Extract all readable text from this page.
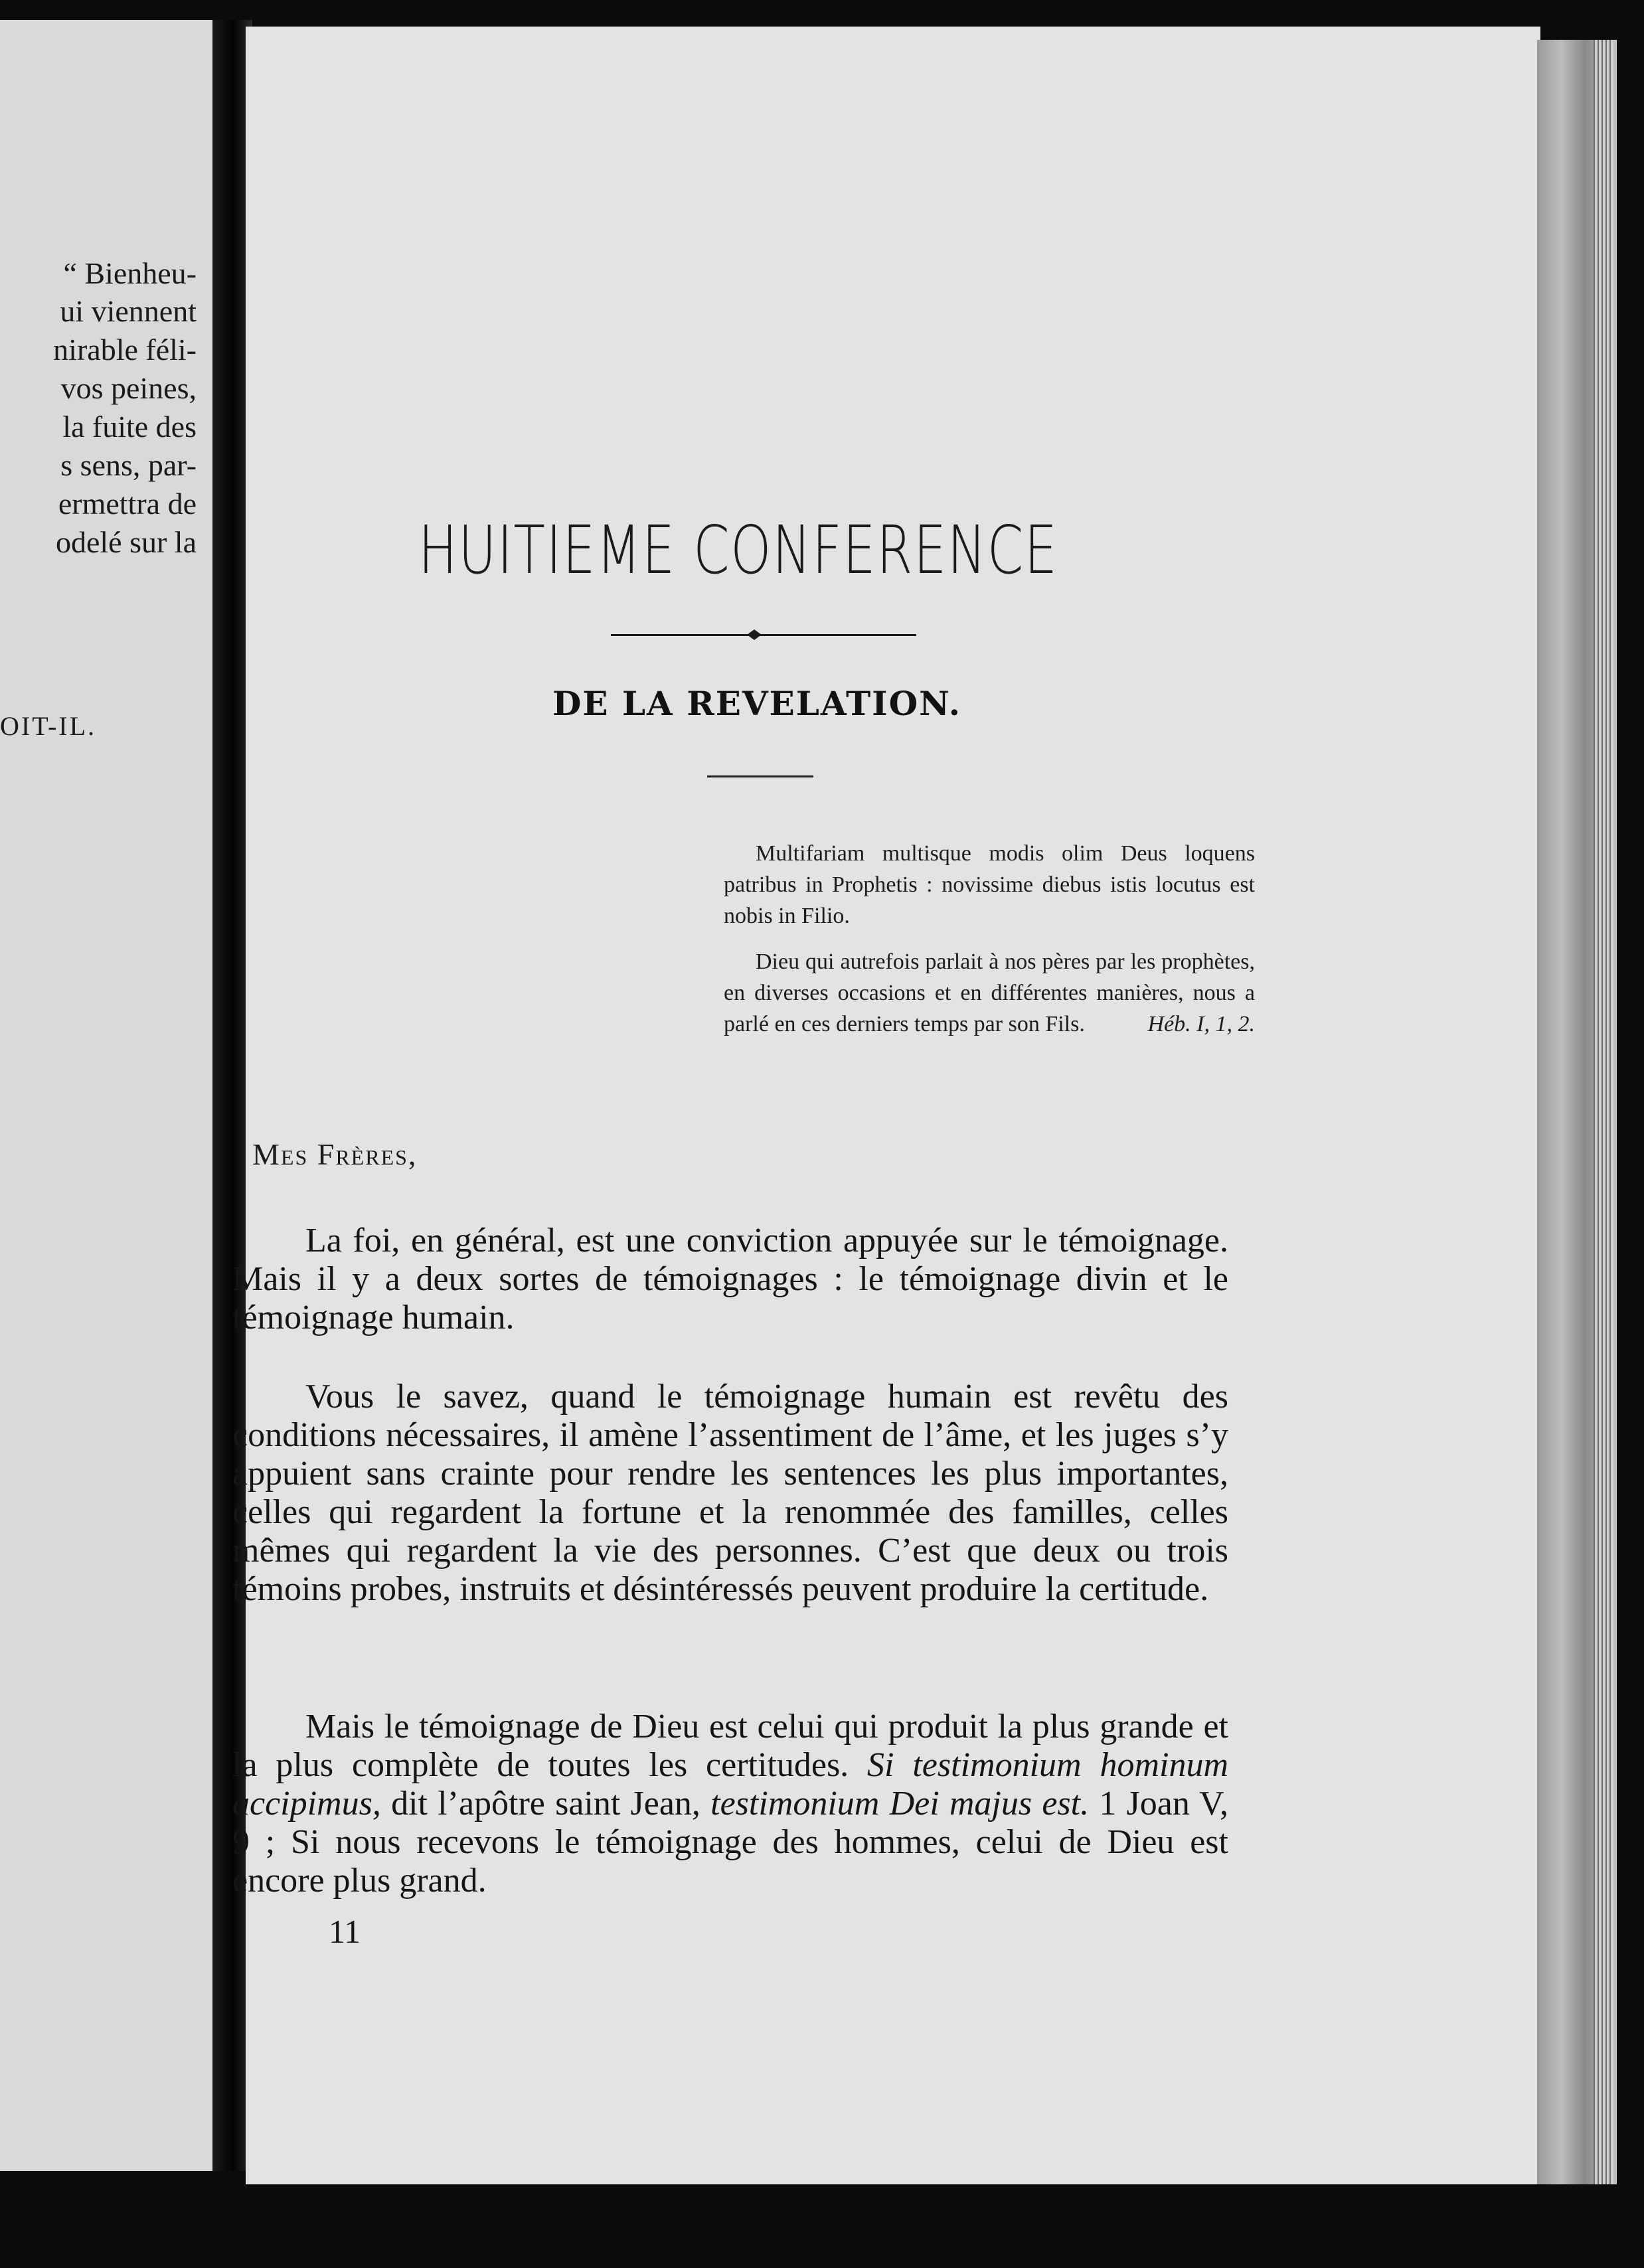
“ Bienheu-
ui viennent
nirable féli-
vos peines,
la fuite des
s sens, par-
ermettra de
odelé sur la
OIT-IL.
HUITIEME CONFERENCE
DE LA REVELATION.

Multifariam multisque modis olim Deus loquens patribus in Prophetis : novissime diebus istis locutus est nobis in Filio.

Dieu qui autrefois parlait à nos pères par les prophètes, en diverses occasions et en différentes manières, nous a parlé en ces derniers temps par son Fils.	Héb. I, 1, 2.

Mes Frères,

La foi, en général, est une conviction appuyée sur le témoignage. Mais il y a deux sortes de témoignages : le témoignage divin et le témoignage humain.

Vous le savez, quand le témoignage humain est revêtu des conditions nécessaires, il amène l’assentiment de l’âme, et les juges s’y appuient sans crainte pour rendre les sentences les plus importantes, celles qui regardent la fortune et la renommée des familles, celles mêmes qui regardent la vie des personnes. C’est que deux ou trois témoins probes, instruits et désintéressés peuvent produire la certitude.

Mais le témoignage de Dieu est celui qui produit la plus grande et la plus complète de toutes les certitudes. Si testimonium hominum accipimus, dit l’apôtre saint Jean, testimonium Dei majus est. 1 Joan V, 9 ; Si nous recevons le témoignage des hommes, celui de Dieu est encore plus grand.

11
